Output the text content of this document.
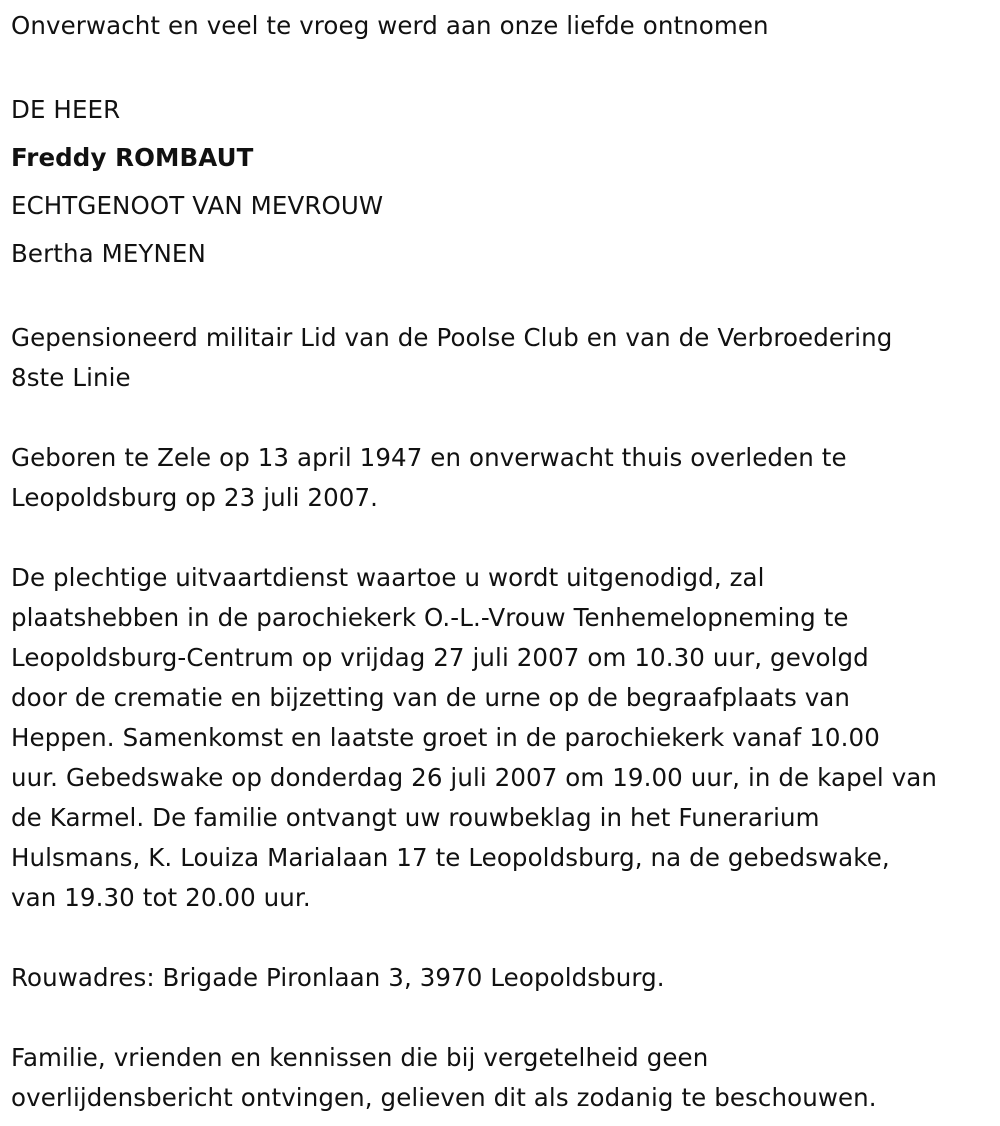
Onverwacht en veel te vroeg werd aan onze liefde ontnomen
DE HEER
Freddy ROMBAUT
ECHTGENOOT VAN MEVROUW
Bertha MEYNEN
Gepensioneerd militair Lid van de Poolse Club en van de Verbroedering
8ste Linie
Geboren te Zele op 13 april 1947 en onverwacht thuis overleden te
Leopoldsburg op 23 juli 2007.
De plechtige uitvaartdienst waartoe u wordt uitgenodigd, zal
plaatshebben in de parochiekerk O.-L.-Vrouw Tenhemelopneming te
Leopoldsburg-Centrum op vrijdag 27 juli 2007 om 10.30 uur, gevolgd
door de crematie en bijzetting van de urne op de begraafplaats van
Heppen. Samenkomst en laatste groet in de parochiekerk vanaf 10.00
uur. Gebedswake op donderdag 26 juli 2007 om 19.00 uur, in de kapel van
de Karmel. De familie ontvangt uw rouwbeklag in het Funerarium
Hulsmans, K. Louiza Marialaan 17 te Leopoldsburg, na de gebedswake,
van 19.30 tot 20.00 uur.
Rouwadres: Brigade Pironlaan 3, 3970 Leopoldsburg.
Familie, vrienden en kennissen die bij vergetelheid geen
overlijdensbericht ontvingen, gelieven dit als zodanig te beschouwen.
